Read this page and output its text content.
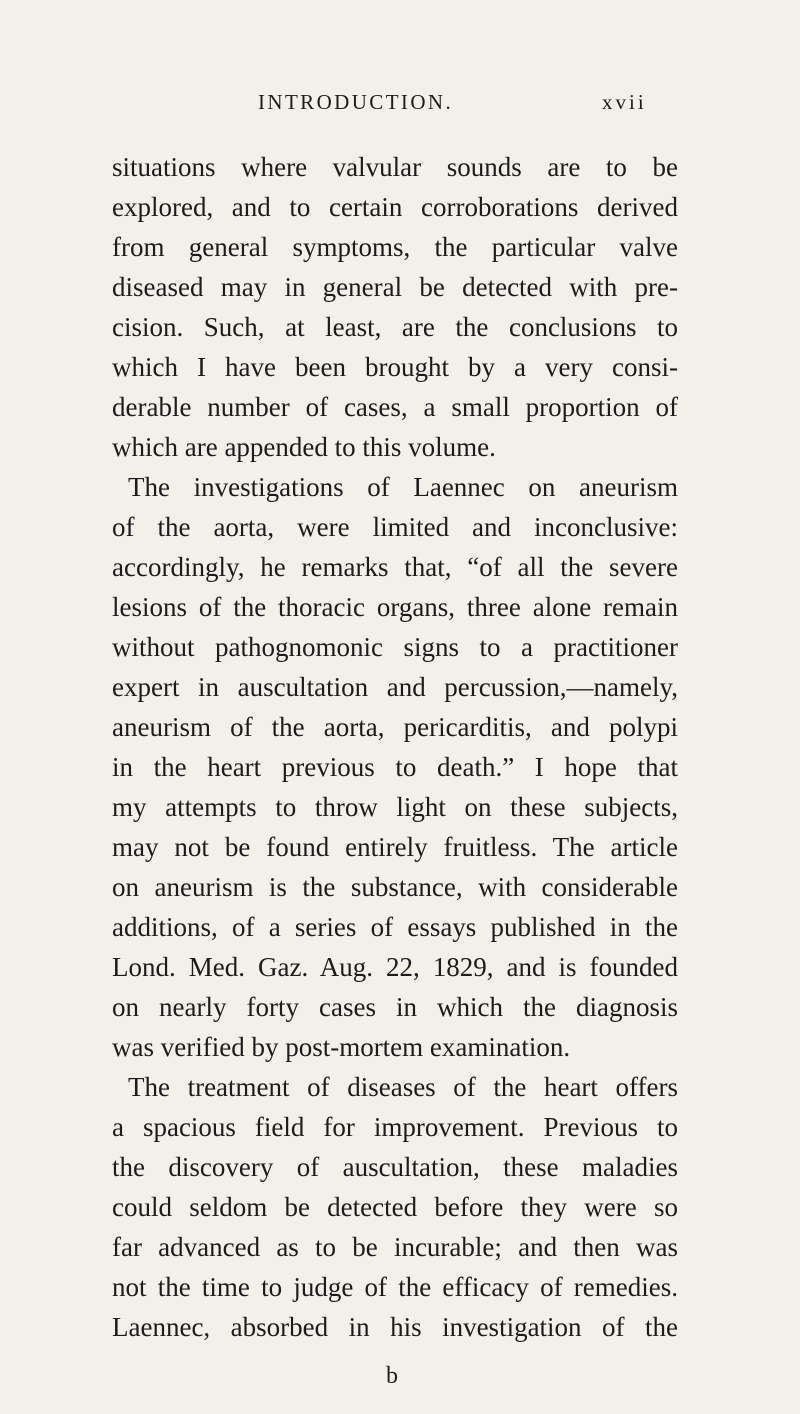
INTRODUCTION.	xvii
situations where valvular sounds are to be
explored, and to certain corroborations derived
from general symptoms, the particular valve
diseased may in general be detected with pre-
cision. Such, at least, are the conclusions to
which I have been brought by a very consi-
derable number of cases, a small proportion of
which are appended to this volume.
The investigations of Laennec on aneurism
of the aorta, were limited and inconclusive:
accordingly, he remarks that, “of all the severe
lesions of the thoracic organs, three alone remain
without pathognomonic signs to a practitioner
expert in auscultation and percussion,—namely,
aneurism of the aorta, pericarditis, and polypi
in the heart previous to death.” I hope that
my attempts to throw light on these subjects,
may not be found entirely fruitless. The article
on aneurism is the substance, with considerable
additions, of a series of essays published in the
Lond. Med. Gaz. Aug. 22, 1829, and is founded
on nearly forty cases in which the diagnosis
was verified by post-mortem examination.
The treatment of diseases of the heart offers
a spacious field for improvement. Previous to
the discovery of auscultation, these maladies
could seldom be detected before they were so
far advanced as to be incurable; and then was
not the time to judge of the efficacy of remedies.
Laennec, absorbed in his investigation of the
b
